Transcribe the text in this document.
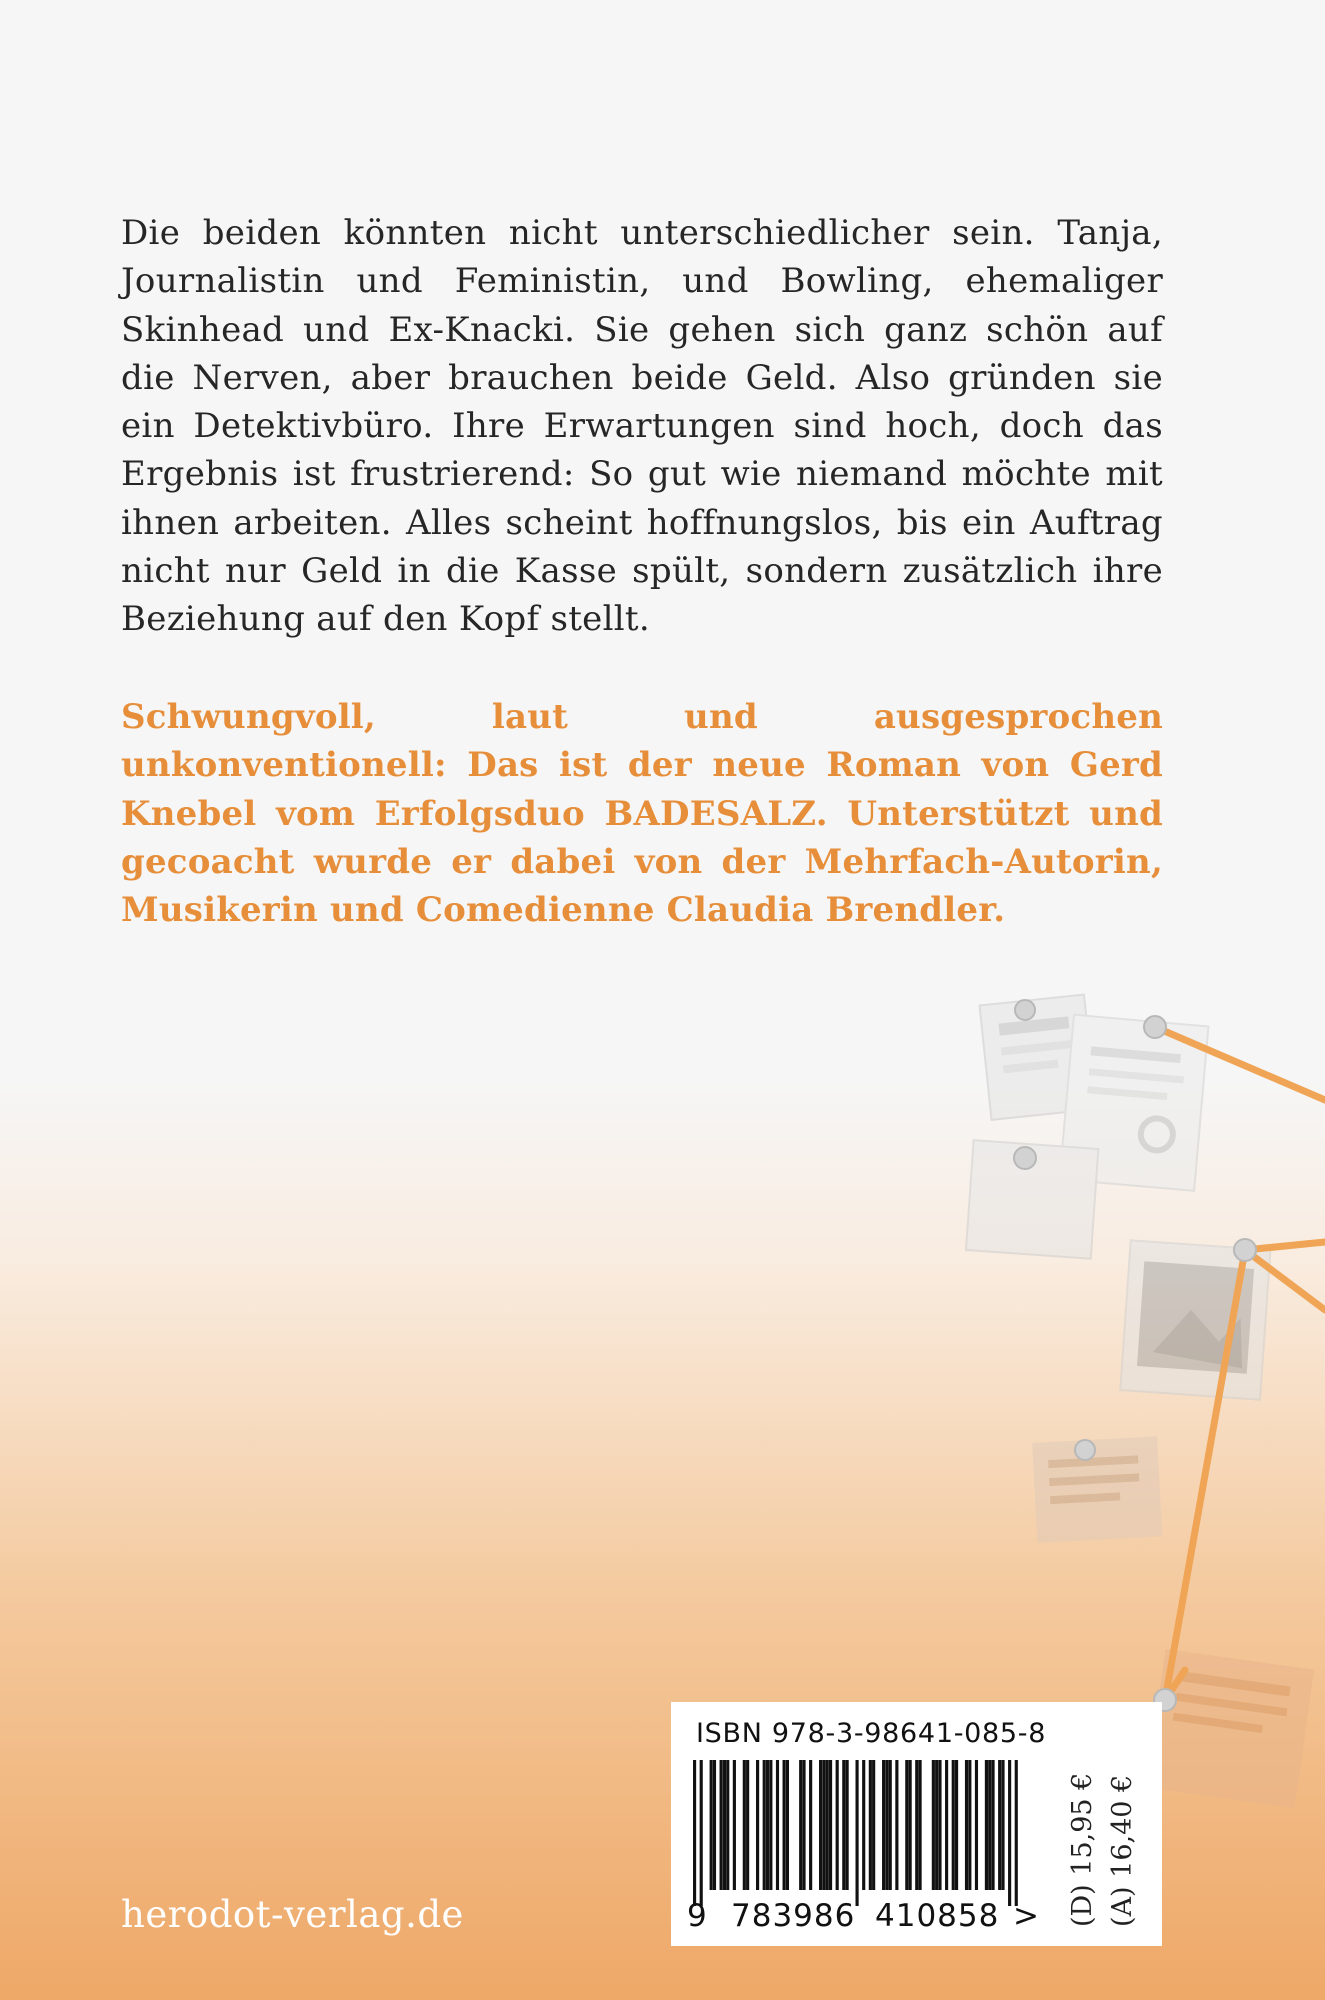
Die beiden könnten nicht unterschiedlicher sein. Tanja, Journalistin und Feministin, und Bowling, ehemaliger Skinhead und Ex-Knacki. Sie gehen sich ganz schön auf die Nerven, aber brauchen beide Geld. Also gründen sie ein Detektivbüro. Ihre Erwartungen sind hoch, doch das Ergebnis ist frustrierend: So gut wie niemand möchte mit ihnen arbeiten. Alles scheint hoffnungslos, bis ein Auftrag nicht nur Geld in die Kasse spült, sondern zusätzlich ihre Beziehung auf den Kopf stellt.

Schwungvoll, laut und ausgesprochen unkonventionell: Das ist der neue Roman von Gerd Knebel vom Erfolgsduo BADESALZ. Unterstützt und gecoacht wurde er dabei von der Mehrfach-Autorin, Musikerin und Comedienne Claudia Brendler.

herodot-verlag.de
ISBN 978-3-98641-085-8
9 783986 410858 > (D) 15,95 € (A) 16,40 €
